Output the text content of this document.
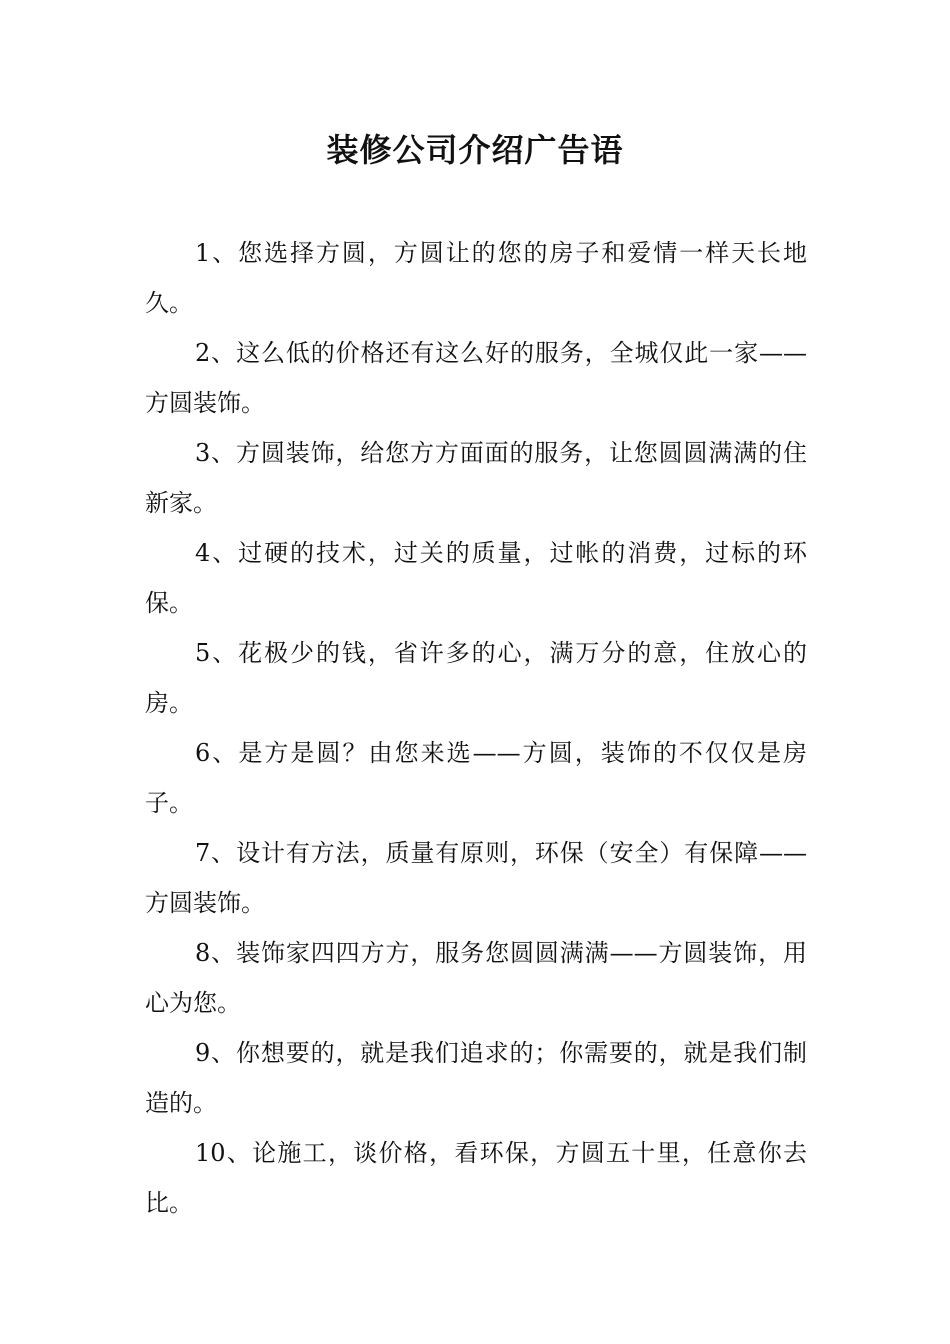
装修公司介绍广告语

1、您选择方圆，方圆让的您的房子和爱情一样天长地久。

2、这么低的价格还有这么好的服务，全城仅此一家——方圆装饰。

3、方圆装饰，给您方方面面的服务，让您圆圆满满的住新家。

4、过硬的技术，过关的质量，过帐的消费，过标的环保。

5、花极少的钱，省许多的心，满万分的意，住放心的房。

6、是方是圆？由您来选——方圆，装饰的不仅仅是房子。

7、设计有方法，质量有原则，环保（安全）有保障——方圆装饰。

8、装饰家四四方方，服务您圆圆满满——方圆装饰，用心为您。

9、你想要的，就是我们追求的；你需要的，就是我们制造的。

10、论施工，谈价格，看环保，方圆五十里，任意你去比。
